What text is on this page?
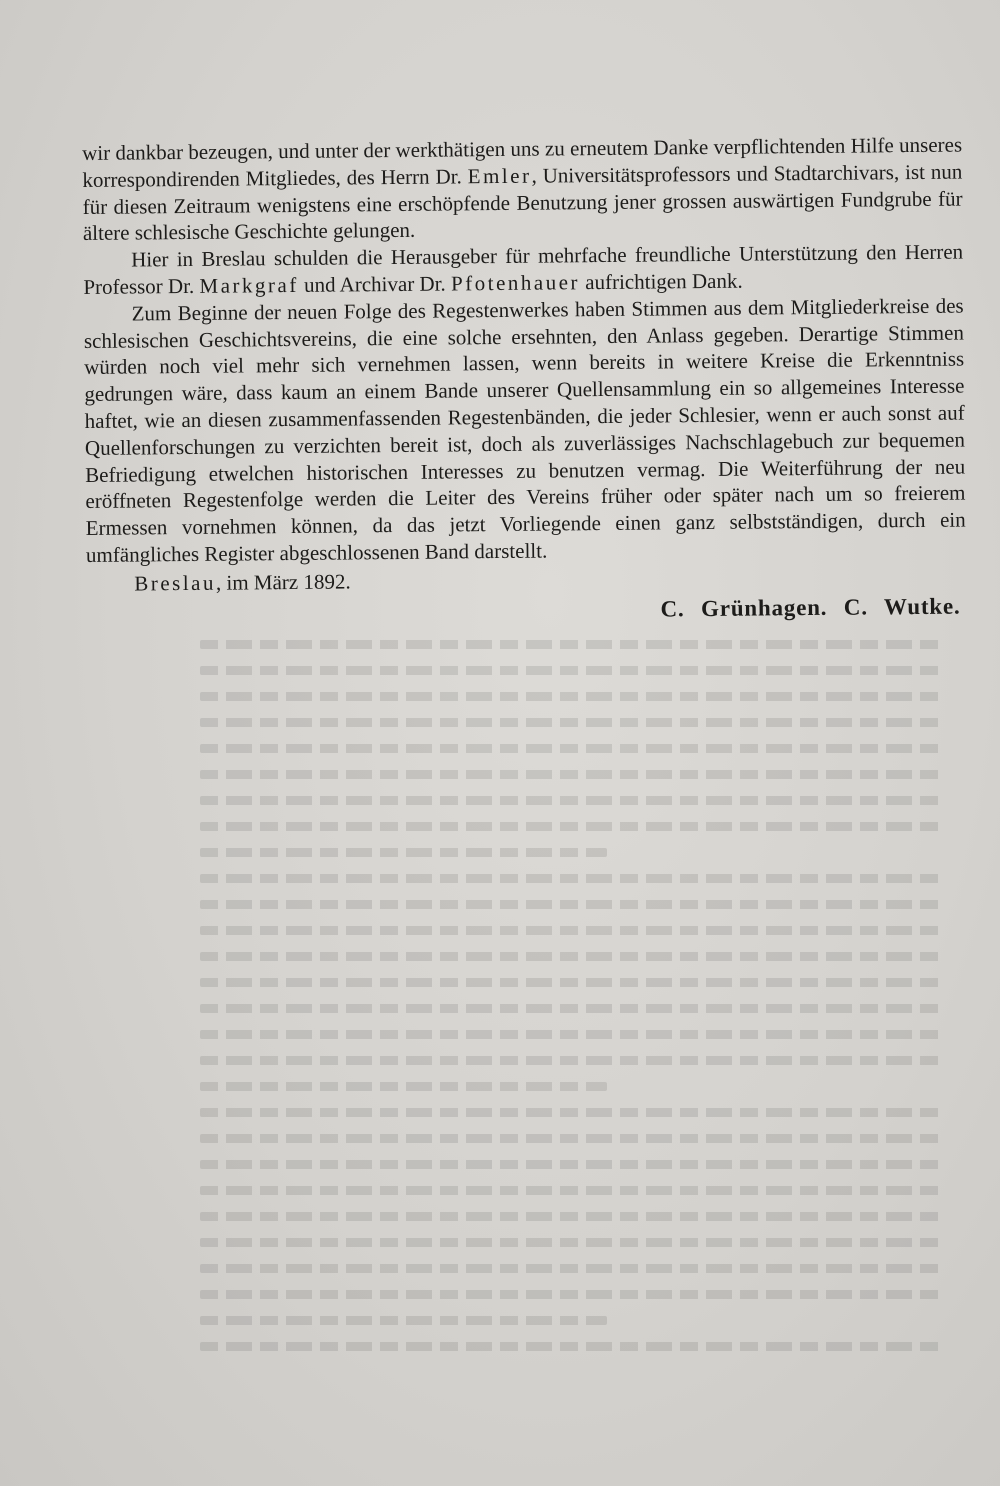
wir dankbar bezeugen, und unter der werkthätigen uns zu erneutem Danke verpflichtenden Hilfe unseres korrespondirenden Mitgliedes, des Herrn Dr. Emler, Universitätsprofessors und Stadtarchivars, ist nun für diesen Zeitraum wenigstens eine erschöpfende Benutzung jener grossen auswärtigen Fundgrube für ältere schlesische Geschichte gelungen.

Hier in Breslau schulden die Herausgeber für mehrfache freundliche Unterstützung den Herren Professor Dr. Markgraf und Archivar Dr. Pfotenhauer aufrichtigen Dank.

Zum Beginne der neuen Folge des Regestenwerkes haben Stimmen aus dem Mitgliederkreise des schlesischen Geschichtsvereins, die eine solche ersehnten, den Anlass gegeben. Derartige Stimmen würden noch viel mehr sich vernehmen lassen, wenn bereits in weitere Kreise die Erkenntniss gedrungen wäre, dass kaum an einem Bande unserer Quellensammlung ein so allgemeines Interesse haftet, wie an diesen zusammenfassenden Regestenbänden, die jeder Schlesier, wenn er auch sonst auf Quellenforschungen zu verzichten bereit ist, doch als zuverlässiges Nachschlagebuch zur bequemen Befriedigung etwelchen historischen Interesses zu benutzen vermag. Die Weiterführung der neu eröffneten Regestenfolge werden die Leiter des Vereins früher oder später nach um so freierem Ermessen vornehmen können, da das jetzt Vorliegende einen ganz selbstständigen, durch ein umfängliches Register abgeschlossenen Band darstellt.

Breslau, im März 1892.

C. Grünhagen. C. Wutke.
